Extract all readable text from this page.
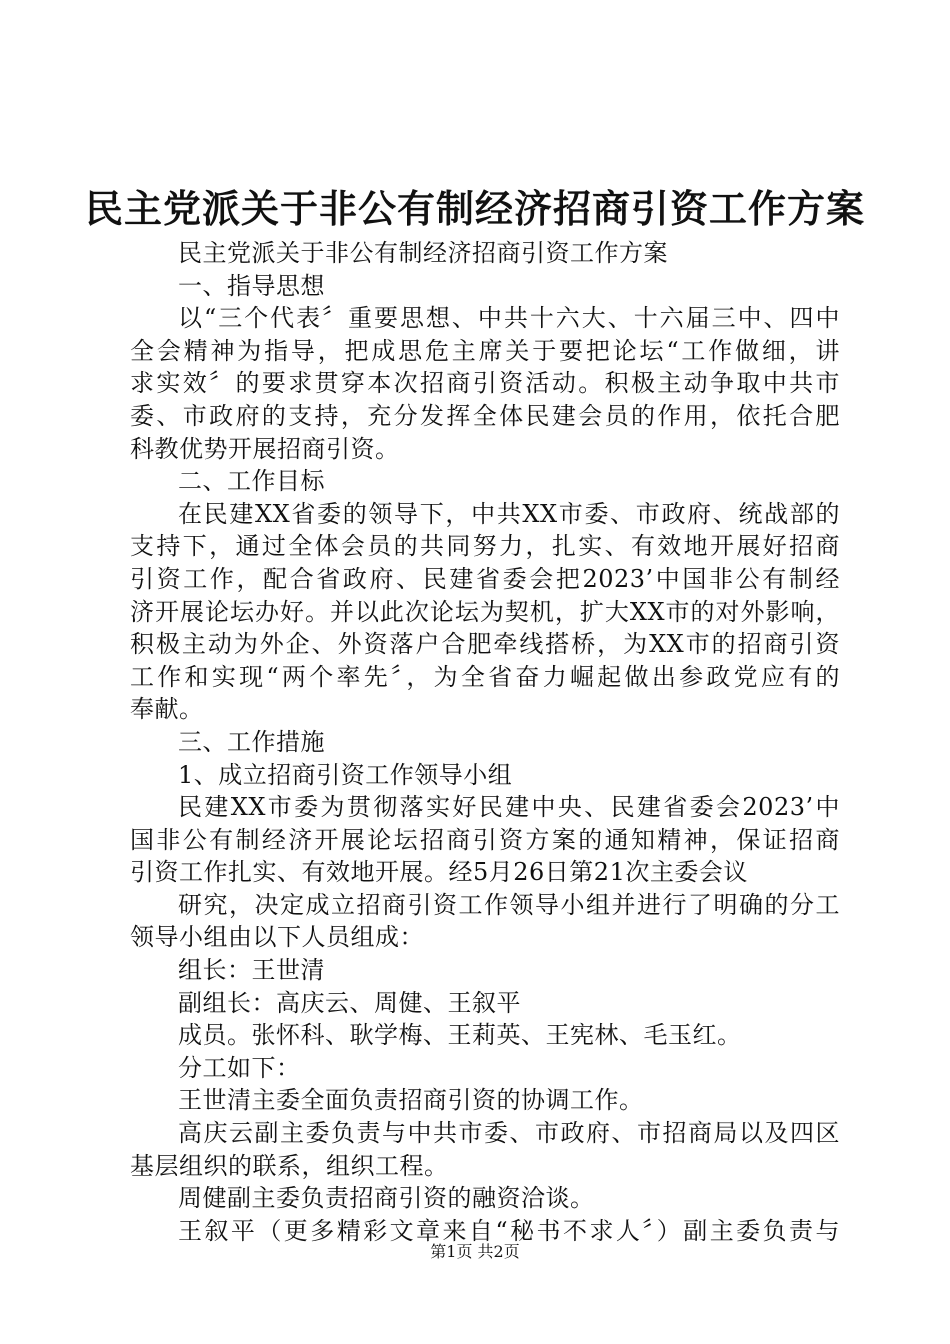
民主党派关于非公有制经济招商引资工作方案
民主党派关于非公有制经济招商引资工作方案
一、指导思想
以“三个代表〞重要思想、中共十六大、十六届三中、四中
全会精神为指导，把成思危主席关于要把论坛“工作做细，讲
求实效〞的要求贯穿本次招商引资活动。积极主动争取中共市
委、市政府的支持，充分发挥全体民建会员的作用，依托合肥
科教优势开展招商引资。
二、工作目标
在民建XX省委的领导下，中共XX市委、市政府、统战部的
支持下，通过全体会员的共同努力，扎实、有效地开展好招商
引资工作，配合省政府、民建省委会把2023’中国非公有制经
济开展论坛办好。并以此次论坛为契机，扩大XX市的对外影响，
积极主动为外企、外资落户合肥牵线搭桥，为XX市的招商引资
工作和实现“两个率先〞，为全省奋力崛起做出参政党应有的
奉献。
三、工作措施
1、成立招商引资工作领导小组
民建XX市委为贯彻落实好民建中央、民建省委会2023’中
国非公有制经济开展论坛招商引资方案的通知精神，保证招商
引资工作扎实、有效地开展。经5月26日第21次主委会议
研究，决定成立招商引资工作领导小组并进行了明确的分工
领导小组由以下人员组成：
组长：王世清
副组长：高庆云、周健、王叙平
成员。张怀科、耿学梅、王莉英、王宪林、毛玉红。
分工如下：
王世清主委全面负责招商引资的协调工作。
高庆云副主委负责与中共市委、市政府、市招商局以及四区
基层组织的联系，组织工程。
周健副主委负责招商引资的融资洽谈。
王叙平（更多精彩文章来自“秘书不求人〞）副主委负责与
第1页 共2页
